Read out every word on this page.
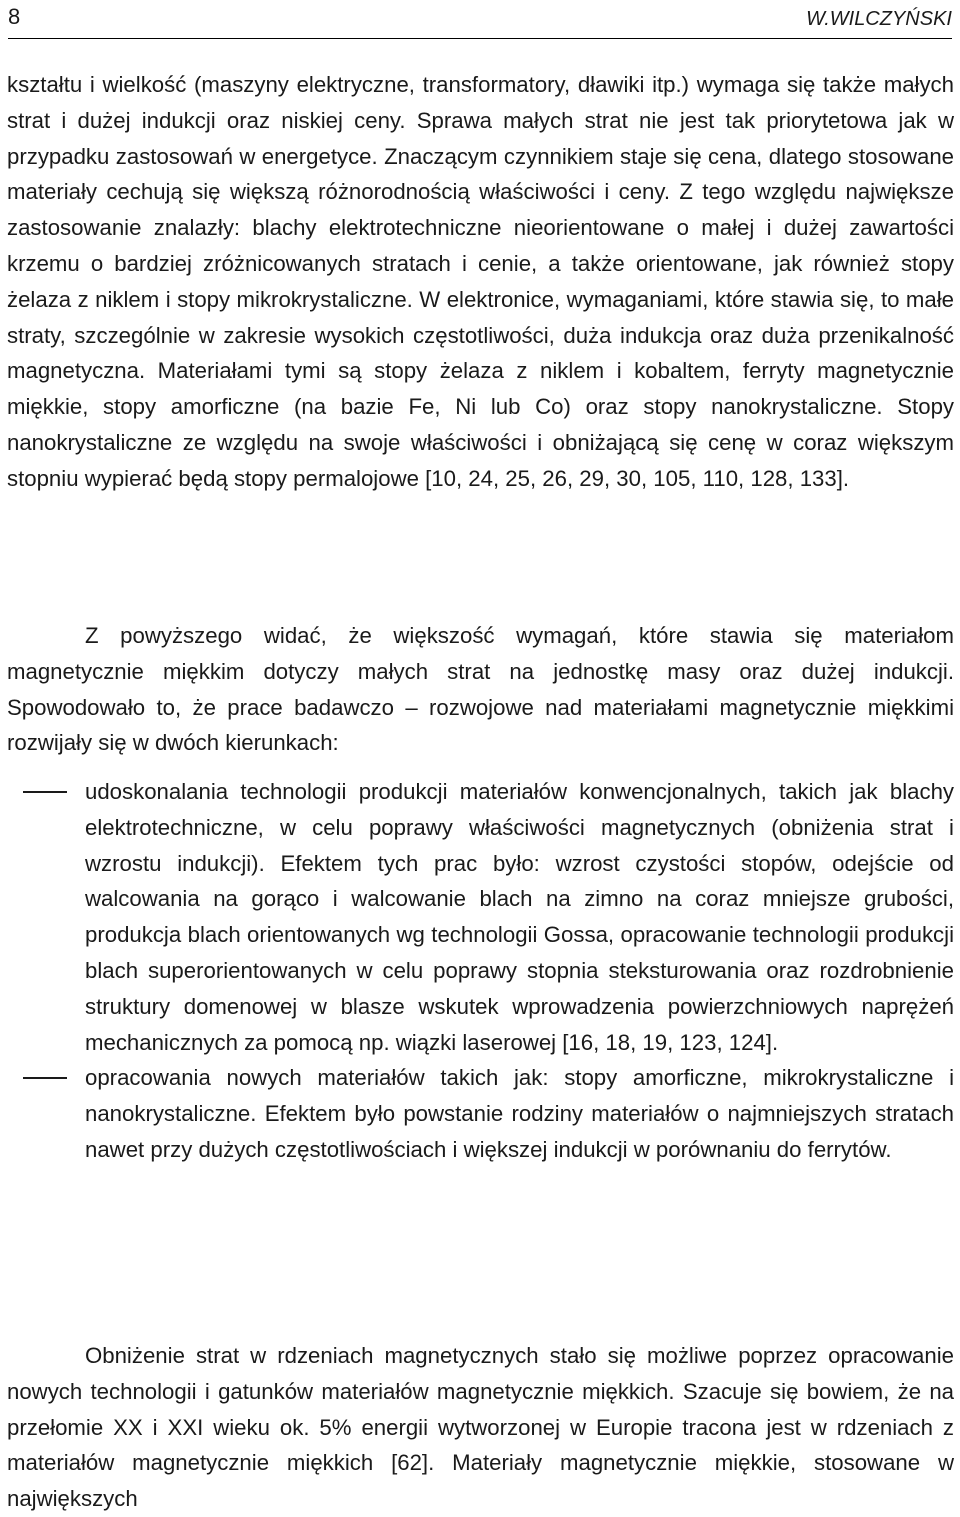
8	W.WILCZYŃSKI

kształtu i wielkość (maszyny elektryczne, transformatory, dławiki itp.) wymaga się także małych strat i dużej indukcji oraz niskiej ceny. Sprawa małych strat nie jest tak priorytetowa jak w przypadku zastosowań w energetyce. Znaczącym czynnikiem staje się cena, dlatego stosowane materiały cechują się większą różnorodnością właściwości i ceny. Z tego względu największe zastosowanie znalazły: blachy elektrotechniczne nieorientowane o małej i dużej zawartości krzemu o bardziej zróżnicowanych stratach i cenie, a także orientowane, jak również stopy żelaza z niklem i stopy mikrokrystaliczne. W elektronice, wymaganiami, które stawia się, to małe straty, szczególnie w zakresie wysokich częstotliwości, duża indukcja oraz duża przenikalność magnetyczna. Materiałami tymi są stopy żelaza z niklem i kobaltem, ferryty magnetycznie miękkie, stopy amorficzne (na bazie Fe, Ni lub Co) oraz stopy nanokrystaliczne. Stopy nanokrystaliczne ze względu na swoje właściwości i obniżającą się cenę w coraz większym stopniu wypierać będą stopy permalojowe [10, 24, 25, 26, 29, 30, 105, 110, 128, 133].

Z powyższego widać, że większość wymagań, które stawia się materiałom magnetycznie miękkim dotyczy małych strat na jednostkę masy oraz dużej indukcji. Spowodowało to, że prace badawczo – rozwojowe nad materiałami magnetycznie miękkimi rozwijały się w dwóch kierunkach:

udoskonalania technologii produkcji materiałów konwencjonalnych, takich jak blachy elektrotechniczne, w celu poprawy właściwości magnetycznych (obniżenia strat i wzrostu indukcji). Efektem tych prac było: wzrost czystości stopów, odejście od walcowania na gorąco i walcowanie blach na zimno na coraz mniejsze grubości, produkcja blach orientowanych wg technologii Gossa, opracowanie technologii produkcji blach superorientowanych w celu poprawy stopnia steksturowania oraz rozdrobnienie struktury domenowej w blasze wskutek wprowadzenia powierzchniowych naprężeń mechanicznych za pomocą np. wiązki laserowej [16, 18, 19, 123, 124].
opracowania nowych materiałów takich jak: stopy amorficzne, mikrokrystaliczne i nanokrystaliczne. Efektem było powstanie rodziny materiałów o najmniejszych stratach nawet przy dużych częstotliwościach i większej indukcji w porównaniu do ferrytów.

Obniżenie strat w rdzeniach magnetycznych stało się możliwe poprzez opracowanie nowych technologii i gatunków materiałów magnetycznie miękkich. Szacuje się bowiem, że na przełomie XX i XXI wieku ok. 5% energii wytworzonej w Europie tracona jest w rdzeniach z materiałów magnetycznie miękkich [62]. Materiały magnetycznie miękkie, stosowane w największych
